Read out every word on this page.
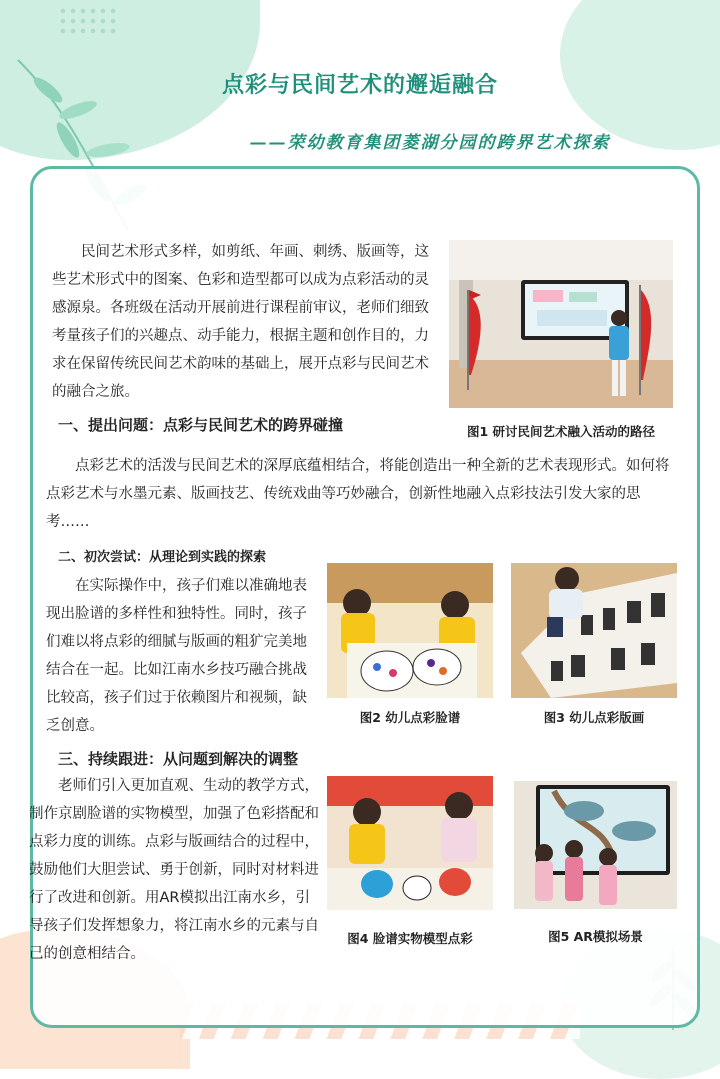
点彩与民间艺术的邂逅融合
——荣幼教育集团菱湖分园的跨界艺术探索

民间艺术形式多样，如剪纸、年画、刺绣、版画等，这些艺术形式中的图案、色彩和造型都可以成为点彩活动的灵感源泉。各班级在活动开展前进行课程前审议，老师们细致考量孩子们的兴趣点、动手能力，根据主题和创作目的，力求在保留传统民间艺术韵味的基础上，展开点彩与民间艺术的融合之旅。

图1 研讨民间艺术融入活动的路径
一、提出问题：点彩与民间艺术的跨界碰撞

点彩艺术的活泼与民间艺术的深厚底蕴相结合，将能创造出一种全新的艺术表现形式。如何将点彩艺术与水墨元素、版画技艺、传统戏曲等巧妙融合，创新性地融入点彩技法引发大家的思考……

二、初次尝试：从理论到实践的探索

在实际操作中，孩子们难以准确地表现出脸谱的多样性和独特性。同时，孩子们难以将点彩的细腻与版画的粗犷完美地结合在一起。比如江南水乡技巧融合挑战比较高，孩子们过于依赖图片和视频，缺乏创意。

图2 幼儿点彩脸谱	图3 幼儿点彩版画
三、持续跟进：从问题到解决的调整

老师们引入更加直观、生动的教学方式，制作京剧脸谱的实物模型，加强了色彩搭配和点彩力度的训练。点彩与版画结合的过程中，鼓励他们大胆尝试、勇于创新，同时对材料进行了改进和创新。用AR模拟出江南水乡，引导孩子们发挥想象力，将江南水乡的元素与自己的创意相结合。

图4 脸谱实物模型点彩	图5 AR模拟场景
